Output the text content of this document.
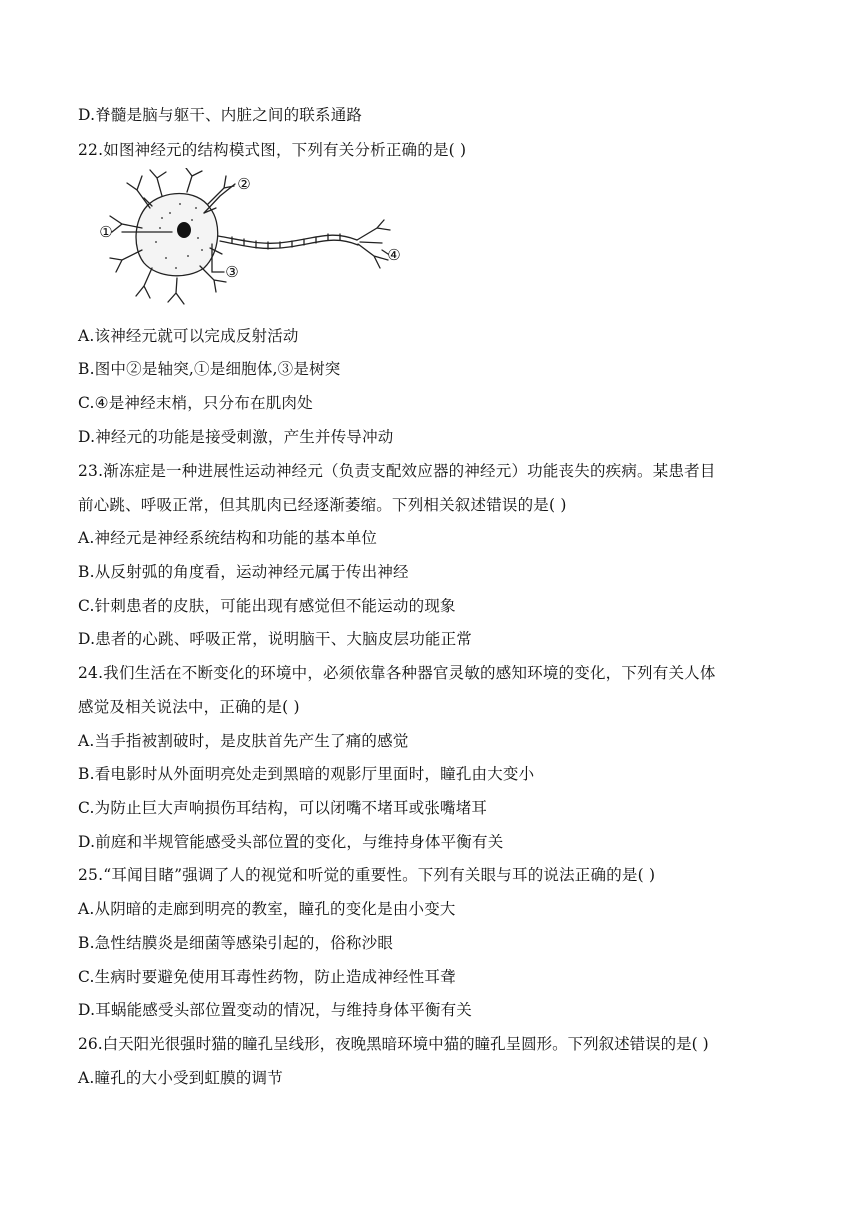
D.脊髓是脑与躯干、内脏之间的联系通路
22.如图神经元的结构模式图，下列有关分析正确的是( )
①
②
③
④
A.该神经元就可以完成反射活动
B.图中②是轴突,①是细胞体,③是树突
C.④是神经末梢，只分布在肌肉处
D.神经元的功能是接受刺激，产生并传导冲动
23.渐冻症是一种进展性运动神经元（负责支配效应器的神经元）功能丧失的疾病。某患者目
前心跳、呼吸正常，但其肌肉已经逐渐萎缩。下列相关叙述错误的是( )
A.神经元是神经系统结构和功能的基本单位
B.从反射弧的角度看，运动神经元属于传出神经
C.针刺患者的皮肤，可能出现有感觉但不能运动的现象
D.患者的心跳、呼吸正常，说明脑干、大脑皮层功能正常
24.我们生活在不断变化的环境中，必须依靠各种器官灵敏的感知环境的变化，下列有关人体
感觉及相关说法中，正确的是( )
A.当手指被割破时，是皮肤首先产生了痛的感觉
B.看电影时从外面明亮处走到黑暗的观影厅里面时，瞳孔由大变小
C.为防止巨大声响损伤耳结构，可以闭嘴不堵耳或张嘴堵耳
D.前庭和半规管能感受头部位置的变化，与维持身体平衡有关
25.“耳闻目睹”强调了人的视觉和听觉的重要性。下列有关眼与耳的说法正确的是( )
A.从阴暗的走廊到明亮的教室，瞳孔的变化是由小变大
B.急性结膜炎是细菌等感染引起的，俗称沙眼
C.生病时要避免使用耳毒性药物，防止造成神经性耳聋
D.耳蜗能感受头部位置变动的情况，与维持身体平衡有关
26.白天阳光很强时猫的瞳孔呈线形，夜晚黑暗环境中猫的瞳孔呈圆形。下列叙述错误的是( )
A.瞳孔的大小受到虹膜的调节
